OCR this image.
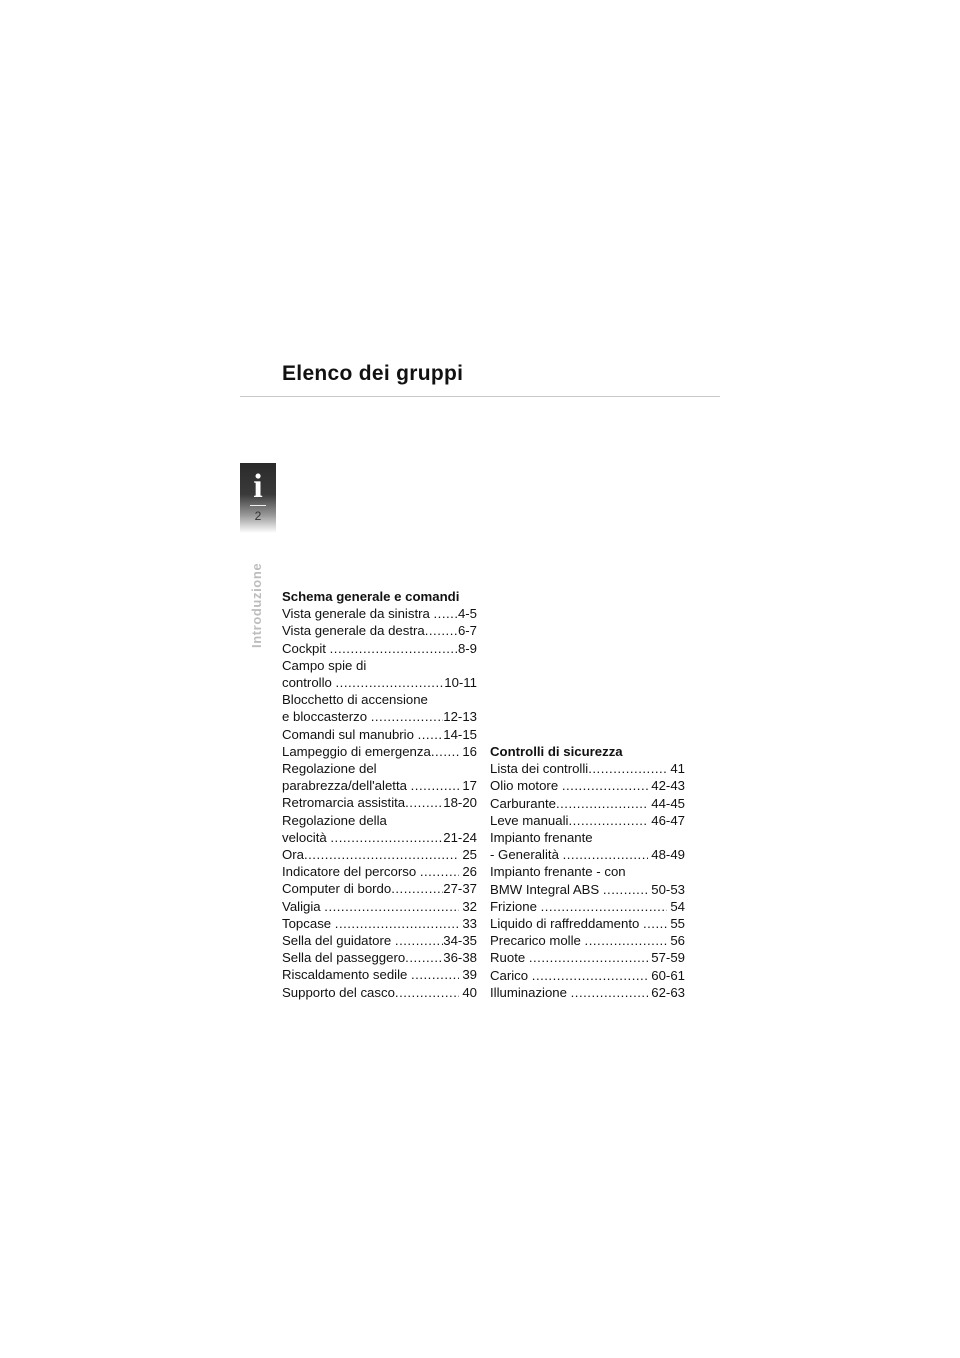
Elenco dei gruppi
i
2
Introduzione Schema generale e comandi
Vista generale da sinistra ..... 4-5
Vista generale da destra .....	6-7
Cockpit .....	8-9
Campo spie di
controllo .....	10-11
Blocchetto di accensione
e bloccasterzo .....	12-13
Comandi sul manubrio ..... 14-15
Lampeggio di emergenza ..... 16
Regolazione del
parabrezza/dell'aletta .....	17
Retromarcia assistita .....	18-20
Regolazione della
velocità .....	21-24
Ora .....	25
Indicatore del percorso .....	26
Computer di bordo .....	27-37
Valigia .....	32
Topcase .....	33
Sella del guidatore .....	34-35
Sella del passeggero .....	36-38
Riscaldamento sedile .....	39
Supporto del casco .....	40
Controlli di sicurezza
Lista dei controlli .....	41
Olio motore .....	42-43
Carburante .....	44-45
Leve manuali .....	46-47
Impianto frenante
- Generalità .....	48-49
Impianto frenante - con
BMW Integral ABS .....	50-53
Frizione .....	54
Liquido di raffreddamento ..... 55
Precarico molle .....	56
Ruote .....	57-59
Carico .....	60-61
Illuminazione .....	62-63
